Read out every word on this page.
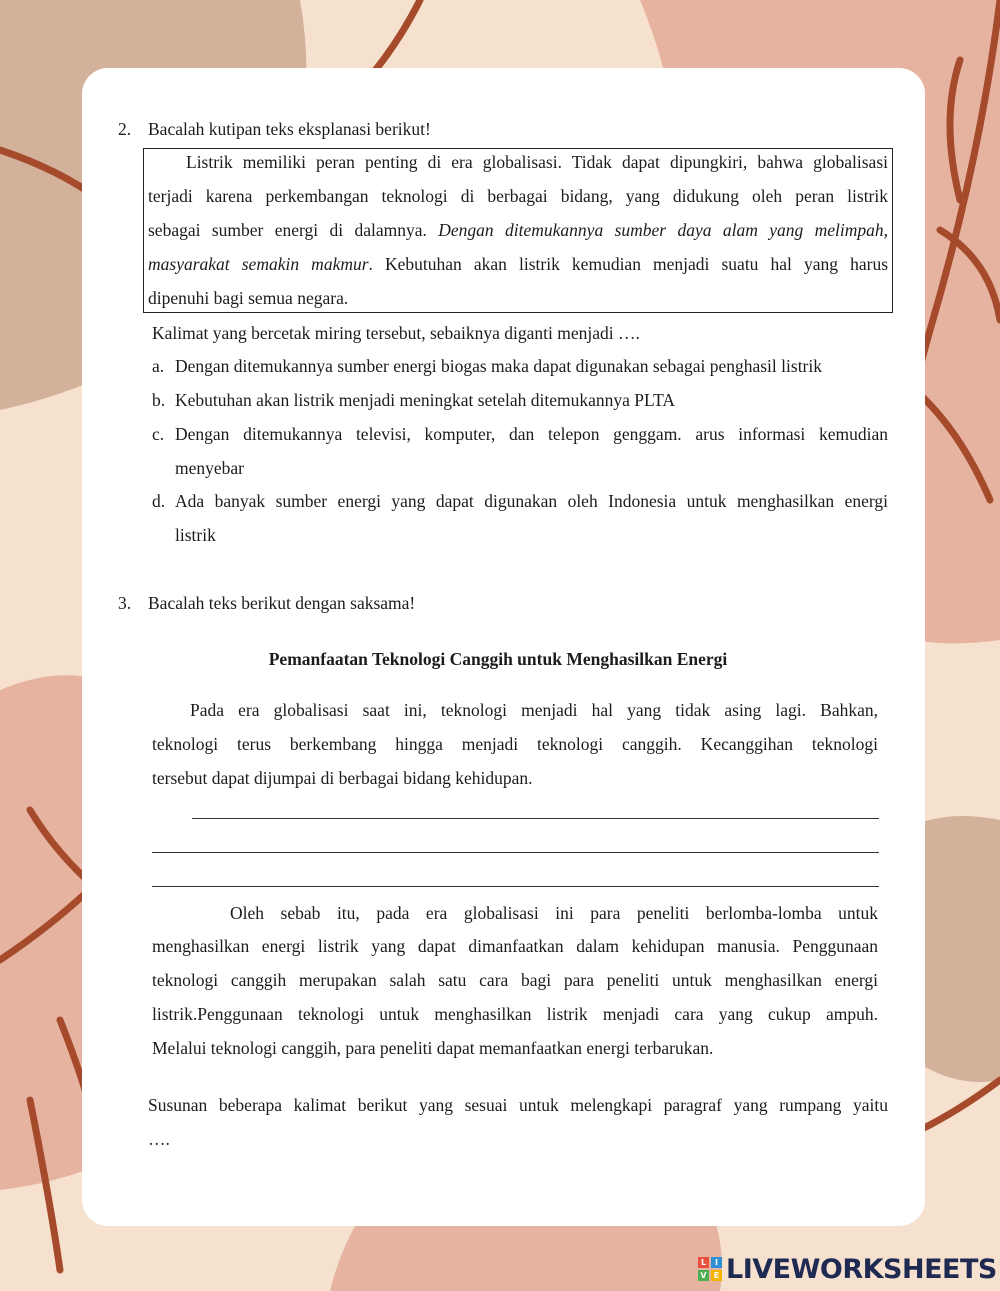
2. Bacalah kutipan teks eksplanasi berikut!
Listrik memiliki peran penting di era globalisasi. Tidak dapat dipungkiri, bahwa globalisasi
terjadi karena perkembangan teknologi di berbagai bidang, yang didukung oleh peran listrik
sebagai sumber energi di dalamnya. Dengan ditemukannya sumber daya alam yang melimpah,
masyarakat semakin makmur. Kebutuhan akan listrik kemudian menjadi suatu hal yang harus
dipenuhi bagi semua negara.
Kalimat yang bercetak miring tersebut, sebaiknya diganti menjadi ….
a. Dengan ditemukannya sumber energi biogas maka dapat digunakan sebagai penghasil listrik
b. Kebutuhan akan listrik menjadi meningkat setelah ditemukannya PLTA
c. Dengan ditemukannya televisi, komputer, dan telepon genggam. arus informasi kemudian
menyebar
d. Ada banyak sumber energi yang dapat digunakan oleh Indonesia untuk menghasilkan energi
listrik
3. Bacalah teks berikut dengan saksama!
Pemanfaatan Teknologi Canggih untuk Menghasilkan Energi
Pada era globalisasi saat ini, teknologi menjadi hal yang tidak asing lagi. Bahkan,
teknologi terus berkembang hingga menjadi teknologi canggih. Kecanggihan teknologi
tersebut dapat dijumpai di berbagai bidang kehidupan.
Oleh sebab itu, pada era globalisasi ini para peneliti berlomba-lomba untuk
menghasilkan energi listrik yang dapat dimanfaatkan dalam kehidupan manusia. Penggunaan
teknologi canggih merupakan salah satu cara bagi para peneliti untuk menghasilkan energi
listrik.Penggunaan teknologi untuk menghasilkan listrik menjadi cara yang cukup ampuh.
Melalui teknologi canggih, para peneliti dapat memanfaatkan energi terbarukan.
Susunan beberapa kalimat berikut yang sesuai untuk melengkapi paragraf yang rumpang yaitu
….
L	I
V E LIVEWORKSHEETS
